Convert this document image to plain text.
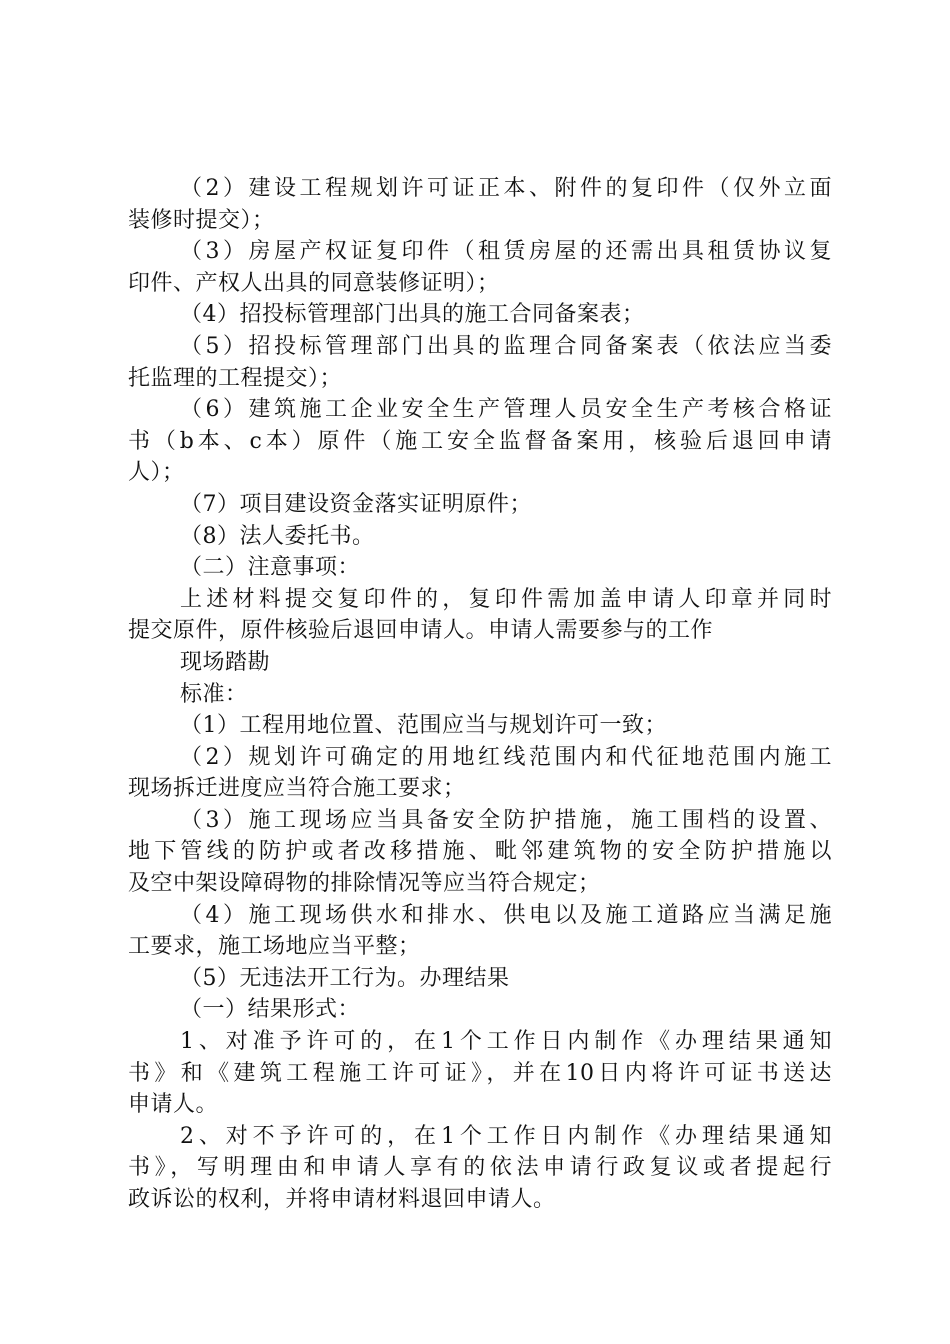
（2）建设工程规划许可证正本、附件的复印件（仅外立面
装修时提交）；
（3）房屋产权证复印件（租赁房屋的还需出具租赁协议复
印件、产权人出具的同意装修证明）；
（4）招投标管理部门出具的施工合同备案表；
（5）招投标管理部门出具的监理合同备案表（依法应当委
托监理的工程提交）；
（6）建筑施工企业安全生产管理人员安全生产考核合格证
书（b本、c本）原件（施工安全监督备案用，核验后退回申请
人）；
（7）项目建设资金落实证明原件；
（8）法人委托书。
（二）注意事项：
上述材料提交复印件的，复印件需加盖申请人印章并同时
提交原件，原件核验后退回申请人。申请人需要参与的工作
现场踏勘
标准：
（1）工程用地位置、范围应当与规划许可一致；
（2）规划许可确定的用地红线范围内和代征地范围内施工
现场拆迁进度应当符合施工要求；
（3）施工现场应当具备安全防护措施，施工围档的设置、
地下管线的防护或者改移措施、毗邻建筑物的安全防护措施以
及空中架设障碍物的排除情况等应当符合规定；
（4）施工现场供水和排水、供电以及施工道路应当满足施
工要求，施工场地应当平整；
（5）无违法开工行为。办理结果
（一）结果形式：
1、对准予许可的，在1个工作日内制作《办理结果通知
书》和《建筑工程施工许可证》，并在10日内将许可证书送达
申请人。
2、对不予许可的，在1个工作日内制作《办理结果通知
书》，写明理由和申请人享有的依法申请行政复议或者提起行
政诉讼的权利，并将申请材料退回申请人。
